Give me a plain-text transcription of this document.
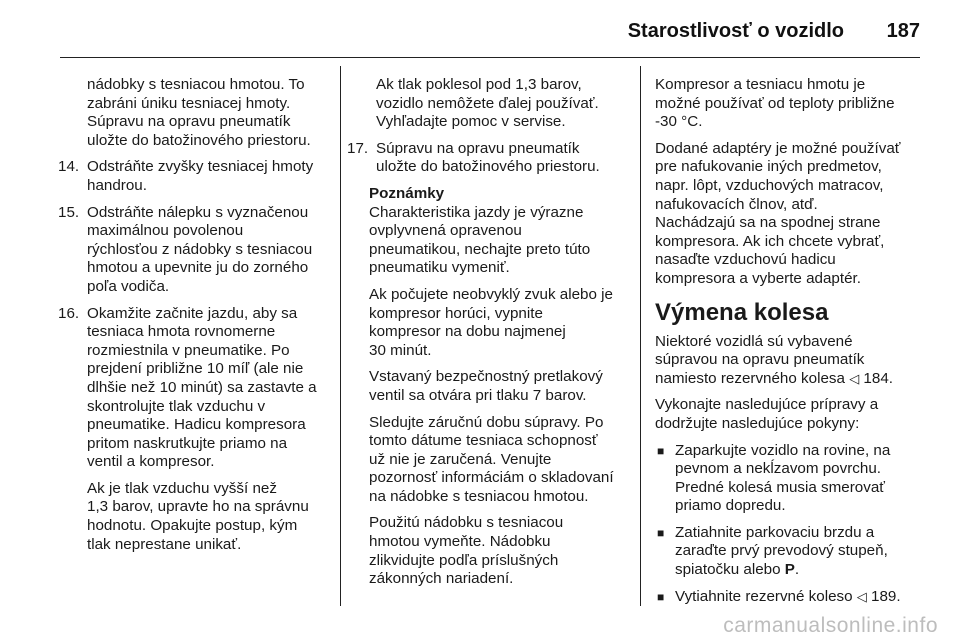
Starostlivosť o vozidlo 187

nádobky s tesniacou hmotou. To
zabráni úniku tesniacej hmoty.
Súpravu na opravu pneumatík
uložte do batožinového priestoru.

14. Odstráňte zvyšky tesniacej hmoty
handrou.
15. Odstráňte nálepku s vyznačenou
maximálnou povolenou
rýchlosťou z nádobky s tesniacou
hmotou a upevnite ju do zorného
poľa vodiča.
16. Okamžite začnite jazdu, aby sa
tesniaca hmota rovnomerne
rozmiestnila v pneumatike. Po
prejdení približne 10 míľ (ale nie
dlhšie než 10 minút) sa zastavte a
skontrolujte tlak vzduchu v
pneumatike. Hadicu kompresora
pritom naskrutkujte priamo na
ventil a kompresor.

Ak je tlak vzduchu vyšší než
1,3 barov, upravte ho na správnu
hodnotu. Opakujte postup, kým
tlak neprestane unikať.

Ak tlak poklesol pod 1,3 barov,
vozidlo nemôžete ďalej používať.
Vyhľadajte pomoc v servise.

17. Súpravu na opravu pneumatík
uložte do batožinového priestoru.
Poznámky

Charakteristika jazdy je výrazne
ovplyvnená opravenou
pneumatikou, nechajte preto túto
pneumatiku vymeniť.

Ak počujete neobvyklý zvuk alebo je
kompresor horúci, vypnite
kompresor na dobu najmenej
30 minút.

Vstavaný bezpečnostný pretlakový
ventil sa otvára pri tlaku 7 barov.

Sledujte záručnú dobu súpravy. Po
tomto dátume tesniaca schopnosť
už nie je zaručená. Venujte
pozornosť informáciám o skladovaní
na nádobke s tesniacou hmotou.

Použitú nádobku s tesniacou
hmotou vymeňte. Nádobku
zlikvidujte podľa príslušných
zákonných nariadení.

Kompresor a tesniacu hmotu je
možné používať od teploty približne
-30 °C.

Dodané adaptéry je možné používať
pre nafukovanie iných predmetov,
napr. lôpt, vzduchových matracov,
nafukovacích člnov, atď.
Nachádzajú sa na spodnej strane
kompresora. Ak ich chcete vybrať,
nasaďte vzduchovú hadicu
kompresora a vyberte adaptér.

Výmena kolesa

Niektoré vozidlá sú vybavené
súpravou na opravu pneumatík
namiesto rezervného kolesa ◁ 184.

Vykonajte nasledujúce prípravy a
dodržujte nasledujúce pokyny:

■ Zaparkujte vozidlo na rovine, na
pevnom a nekĺzavom povrchu.
Predné kolesá musia smerovať
priamo dopredu.
■ Zatiahnite parkovaciu brzdu a
zaraďte prvý prevodový stupeň,
spiatočku alebo P.
■ Vytiahnite rezervné koleso ◁ 189.
carmanualsonline.info
